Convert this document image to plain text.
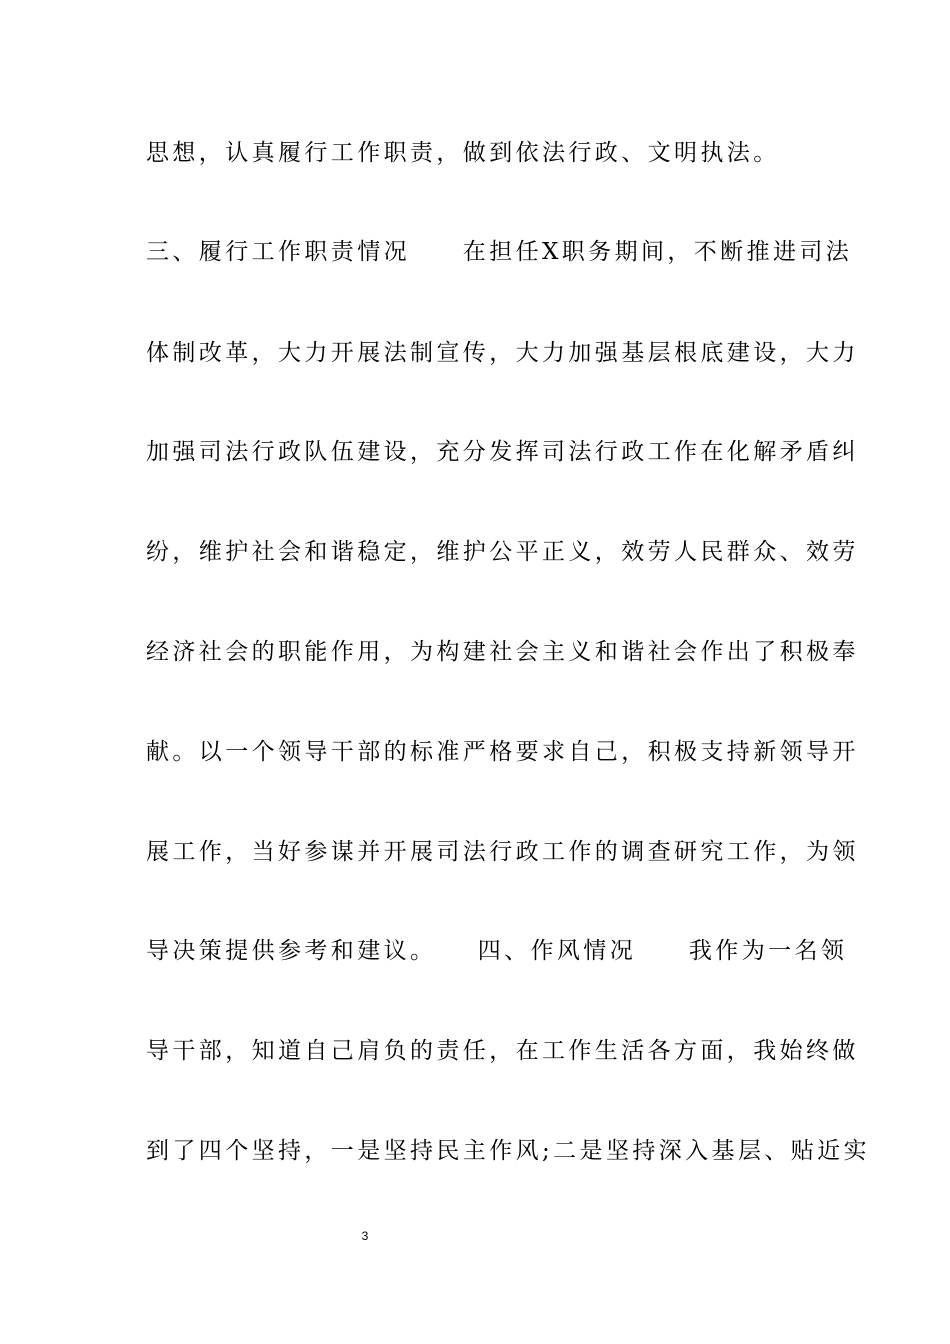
思想，认真履行工作职责，做到依法行政、文明执法。
三、履行工作职责情况　　在担任X职务期间，不断推进司法
体制改革，大力开展法制宣传，大力加强基层根底建设，大力
加强司法行政队伍建设，充分发挥司法行政工作在化解矛盾纠
纷，维护社会和谐稳定，维护公平正义，效劳人民群众、效劳
经济社会的职能作用，为构建社会主义和谐社会作出了积极奉
献。以一个领导干部的标准严格要求自己，积极支持新领导开
展工作，当好参谋并开展司法行政工作的调查研究工作，为领
导决策提供参考和建议。　　四、作风情况　　我作为一名领
导干部，知道自己肩负的责任，在工作生活各方面，我始终做
到了四个坚持，一是坚持民主作风;二是坚持深入基层、贴近实
3
